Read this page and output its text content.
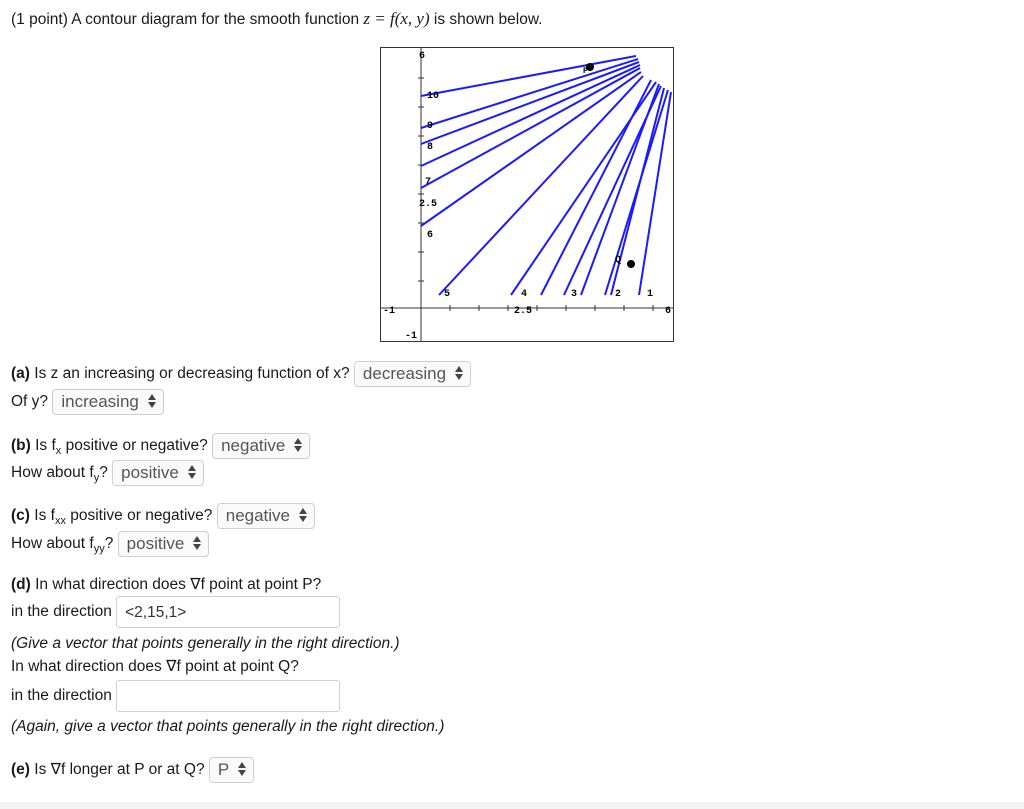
(1 point) A contour diagram for the smooth function z = f(x, y) is shown below.
-1	2.5	6
-1
6
10
9
8
7
2.5
6
5	4	3	2	1
P
Q
(a) Is z an increasing or decreasing function of x? decreasing
Of y? increasing
(b) Is $f_x$ positive or negative? negative
How about $f_y$? positive
(c) Is $f_{xx}$ positive or negative? negative
How about $f_{yy}$? positive
(d) In what direction does ∇f point at point P?
in the direction <2,15,1>
(Give a vector that points generally in the right direction.)
In what direction does ∇f point at point Q?
in the direction
(Again, give a vector that points generally in the right direction.)
(e) Is ∇f longer at P or at Q? P
